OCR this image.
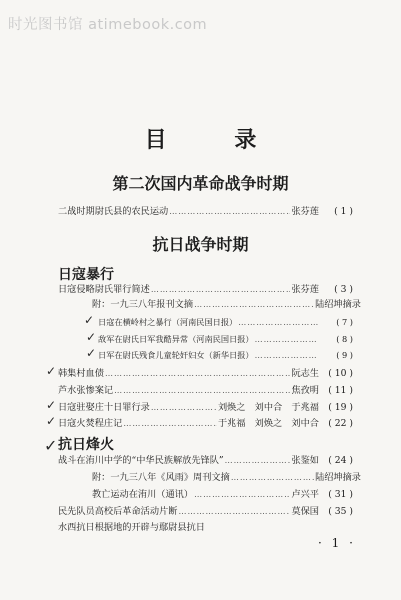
时光图书馆 atimebook.com
目 录
第二次国内革命战争时期
二战时期尉氏县的农民运动 ………………………………………………………………………………………………………………	张芬莲	( 1 )
抗日战争时期
日寇暴行
日寇侵略尉氏罪行简述 ………………………………………………………………………………………………………………	张芬莲	( 3 )
附：一九三八年报刊文摘 ………………………………………………………………………………………………………………	陆绍坤摘录
✓ 日寇在横岭村之暴行（河南民国日报） ………………………………………………………………………………………………………………	( 7 )
✓ 敌军在尉氏日军我酷异常（河南民国日报） ………………………………………………………………………………………………………………	( 8 )
✓ 日军在尉氏残食儿童轮奸妇女（新华日报） ………………………………………………………………………………………………………………	( 9 )
✓ 韩集村血债 ………………………………………………………………………………………………………………	阮志生	( 10 )
芦水张惨案记 ………………………………………………………………………………………………………………	焦孜明	( 11 )
✓ 日寇驻娶庄十日罪行录 ………………………………………………………………………………………………………………	刘焕之　刘中合　于兆福	( 19 )
✓ 日寇火焚程庄记 ………………………………………………………………………………………………………………	于兆福　刘焕之　刘中合	( 22 )
✓ 抗日烽火
战斗在洧川中学的“中华民族解放先锋队” ………………………………………………………………………………………………………………	张鉴如	( 24 )
附：一九三八年《风雨》周刊文摘 ………………………………………………………………………………………………………………	陆绍坤摘录
教亡运动在洧川（通讯） ………………………………………………………………………………………………………………	卢兴平	( 31 )
民先队员高校后革命活动片断 ………………………………………………………………………………………………………………	莫保国	( 35 )
水西抗日根据地的开辟与鄢尉县抗日
· 1 ·
